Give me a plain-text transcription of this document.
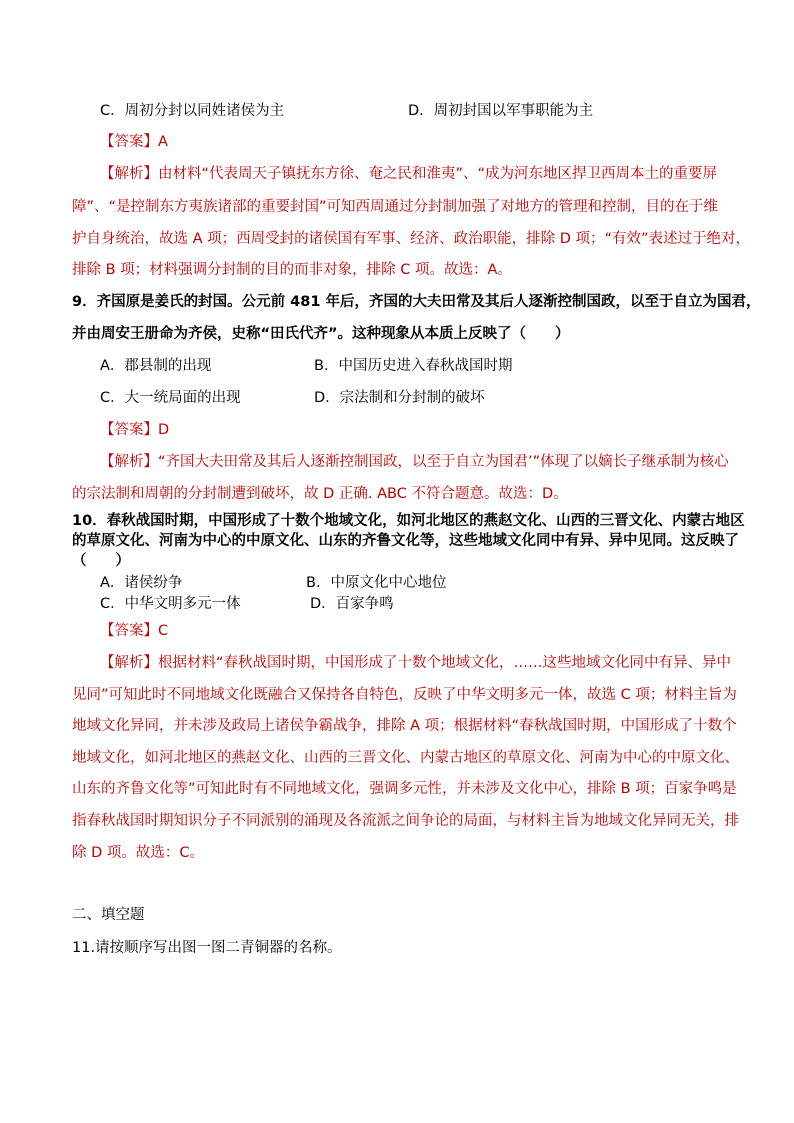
C．周初分封以同姓诸侯为主	D．周初封国以军事职能为主
【答案】A
【解析】由材料“代表周天子镇抚东方徐、奄之民和淮夷”、“成为河东地区捍卫西周本土的重要屏
障”、“是控制东方夷族诸部的重要封国”可知西周通过分封制加强了对地方的管理和控制，目的在于维
护自身统治，故选 A 项；西周受封的诸侯国有军事、经济、政治职能，排除 D 项；“有效”表述过于绝对，
排除 B 项；材料强调分封制的目的而非对象，排除 C 项。故选：A。
9．齐国原是姜氏的封国。公元前 481 年后，齐国的大夫田常及其后人逐渐控制国政，以至于自立为国君，
并由周安王册命为齐侯，史称“田氏代齐”。这种现象从本质上反映了（　　）
A．郡县制的出现	B．中国历史进入春秋战国时期
C．大一统局面的出现	D．宗法制和分封制的破坏
【答案】D
【解析】“齐国大夫田常及其后人逐渐控制国政，以至于自立为国君’”体现了以嫡长子继承制为核心
的宗法制和周朝的分封制遭到破坏，故 D 正确. ABC 不符合题意。故选：D。
10．春秋战国时期，中国形成了十数个地域文化，如河北地区的燕赵文化、山西的三晋文化、内蒙古地区
的草原文化、河南为中心的中原文化、山东的齐鲁文化等，这些地域文化同中有异、异中见同。这反映了
（　　）
A．诸侯纷争	B．中原文化中心地位
C．中华文明多元一体	D．百家争鸣
【答案】C
【解析】根据材料“春秋战国时期，中国形成了十数个地域文化，……这些地域文化同中有异、异中
见同”可知此时不同地域文化既融合又保持各自特色，反映了中华文明多元一体，故选 C 项；材料主旨为
地域文化异同，并未涉及政局上诸侯争霸战争，排除 A 项；根据材料“春秋战国时期，中国形成了十数个
地域文化，如河北地区的燕赵文化、山西的三晋文化、内蒙古地区的草原文化、河南为中心的中原文化、
山东的齐鲁文化等”可知此时有不同地域文化，强调多元性，并未涉及文化中心，排除 B 项；百家争鸣是
指春秋战国时期知识分子不同派别的涌现及各流派之间争论的局面，与材料主旨为地域文化异同无关，排
除 D 项。故选：C。
二、填空题
11.请按顺序写出图一图二青铜器的名称。
